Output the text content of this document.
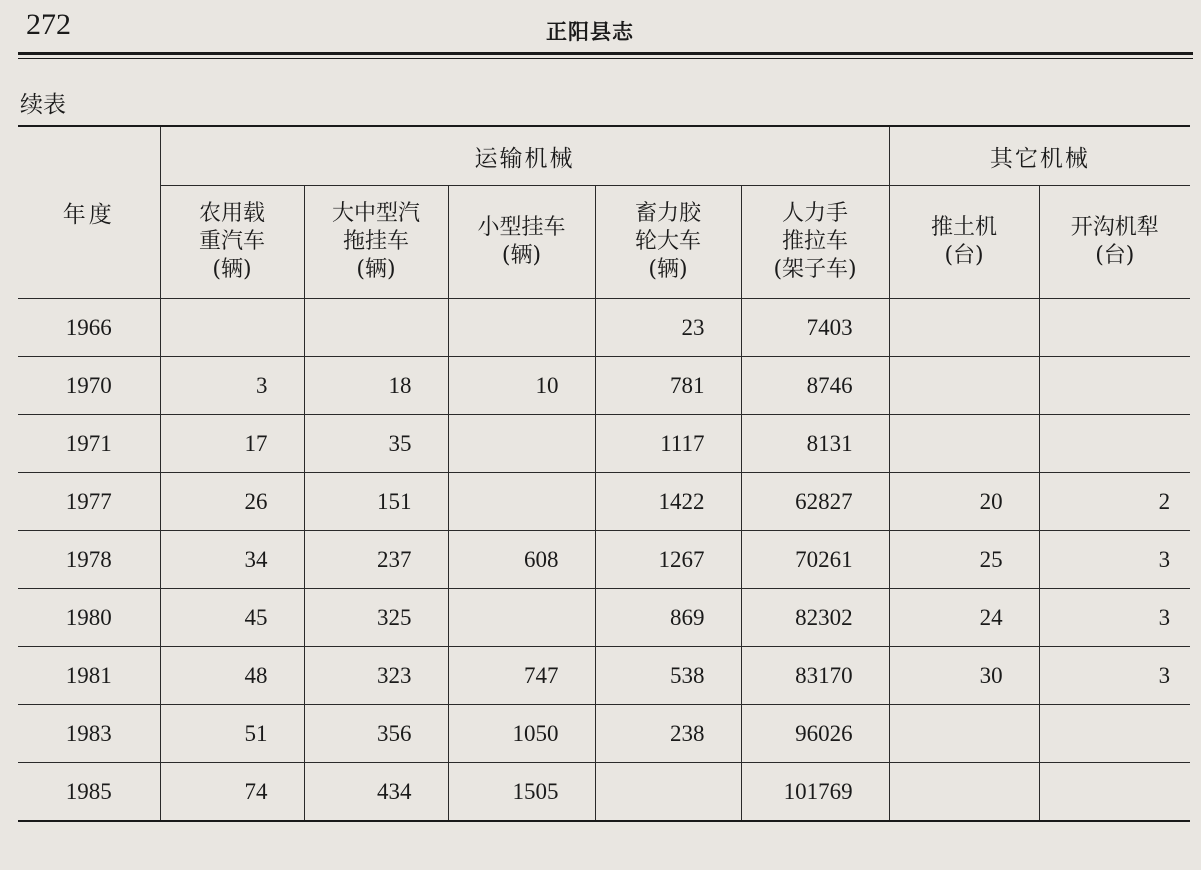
272	正阳县志
续表
年度	运输机械					其它机械	

	农用载
重汽车
(辆)	大中型汽
拖挂车
(辆)	小型挂车
(辆)	畜力胶
轮大车
(辆)	人力手
推拉车
(架子车)	推土机
(台)	开沟机犁
(台)

1966				23	7403		
1970	3	18	10	781	8746		
1971	17	35		1117	8131		
1977	26	151		1422	62827	20	2
1978	34	237	608	1267	70261	25	3
1980	45	325		869	82302	24	3
1981	48	323	747	538	83170	30	3
1983	51	356	1050	238	96026		
1985	74	434	1505		101769		
